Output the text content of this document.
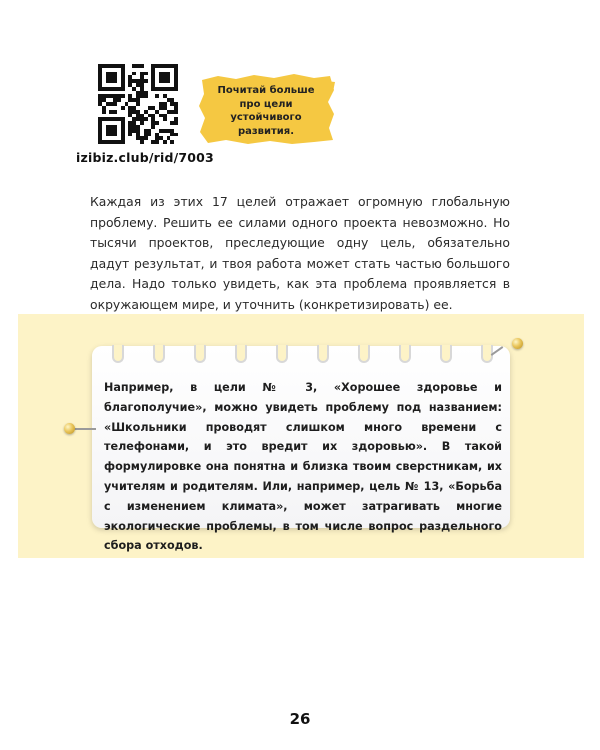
izibiz.club/rid/7003
Почитай больше про цели устойчивого развития.

Каждая из этих 17 целей отражает огромную глобальную проблему. Решить ее силами одного проекта невозможно. Но тысячи проектов, преследующие одну цель, обязательно дадут результат, и твоя работа может стать частью большого дела. Надо только увидеть, как эта проблема проявляется в окружающем мире, и уточнить (конкретизировать) ее.

Например, в цели № 3, «Хорошее здоровье и благополучие», можно увидеть проблему под названием: «Школьники проводят слишком много времени с телефонами, и это вредит их здоровью». В такой формулировке она понятна и близка твоим сверстникам, их учителям и родителям. Или, например, цель № 13, «Борьба с изменением климата», может затрагивать многие экологические проблемы, в том числе вопрос раздельного сбора отходов.

26
